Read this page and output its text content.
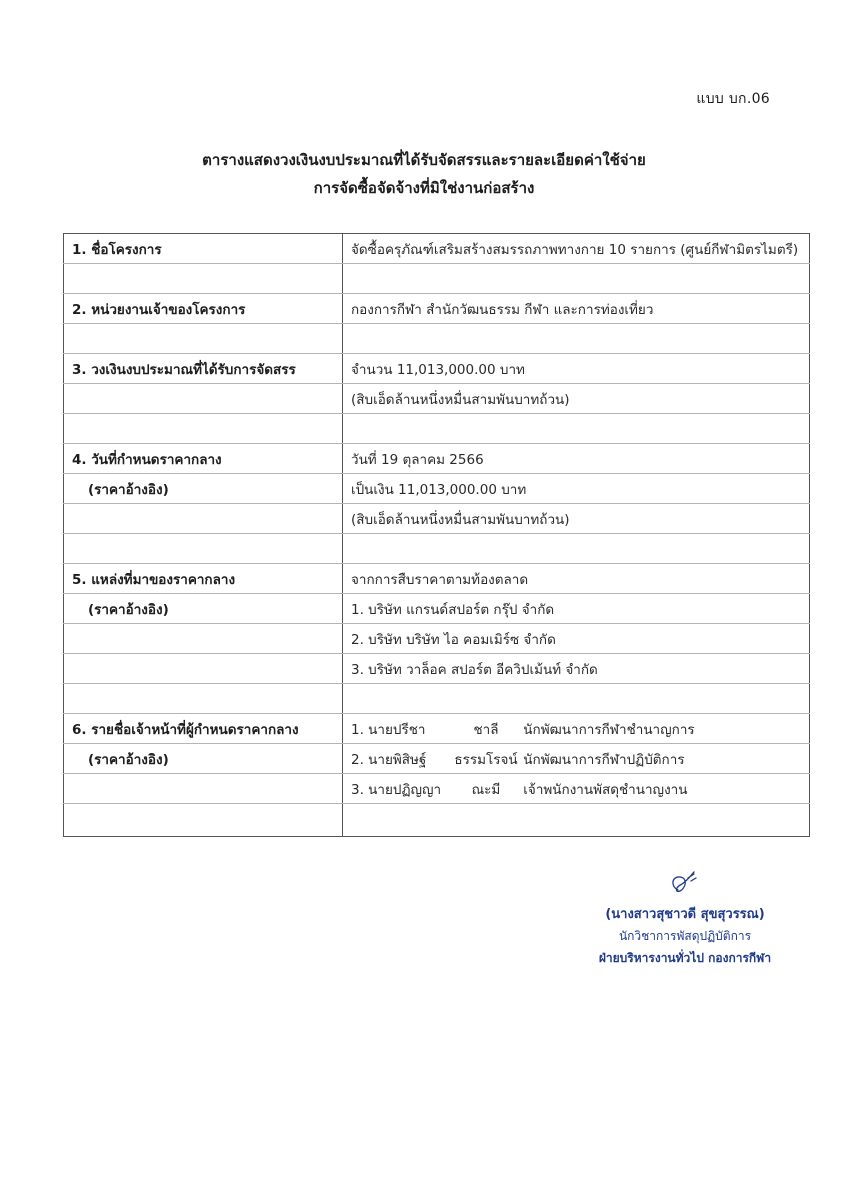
แบบ บก.06
ตารางแสดงวงเงินงบประมาณที่ได้รับจัดสรรและรายละเอียดค่าใช้จ่าย
การจัดซื้อจัดจ้างที่มิใช่งานก่อสร้าง
1. ชื่อโครงการ	จัดซื้อครุภัณฑ์เสริมสร้างสมรรถภาพทางกาย 10 รายการ (ศูนย์กีฬามิตรไมตรี)

2. หน่วยงานเจ้าของโครงการ	กองการกีฬา สำนักวัฒนธรรม กีฬา และการท่องเที่ยว

3. วงเงินงบประมาณที่ได้รับการจัดสรร	จำนวน 11,013,000.00 บาท
	(สิบเอ็ดล้านหนึ่งหมื่นสามพันบาทถ้วน)

4. วันที่กำหนดราคากลาง	วันที่ 19 ตุลาคม 2566
(ราคาอ้างอิง)	เป็นเงิน 11,013,000.00 บาท
	(สิบเอ็ดล้านหนึ่งหมื่นสามพันบาทถ้วน)

5. แหล่งที่มาของราคากลาง	จากการสืบราคาตามท้องตลาด
(ราคาอ้างอิง)	1. บริษัท แกรนด์สปอร์ต กรุ๊ป จำกัด
	2. บริษัท บริษัท ไอ คอมเมิร์ซ จำกัด
	3. บริษัท วาล็อค สปอร์ต อีควิปเม้นท์ จำกัด

6. รายชื่อเจ้าหน้าที่ผู้กำหนดราคากลาง	1. นายปรีชา ชาลี นักพัฒนาการกีฬาชำนาญการ
(ราคาอ้างอิง)	2. นายพิสิษฐ์ ธรรมโรจน์ นักพัฒนาการกีฬาปฏิบัติการ
	3. นายปฏิญญา ณะมี เจ้าพนักงานพัสดุชำนาญงาน

(นางสาวสุชาวดี สุขสุวรรณ)
นักวิชาการพัสดุปฏิบัติการ
ฝ่ายบริหารงานทั่วไป กองการกีฬา
